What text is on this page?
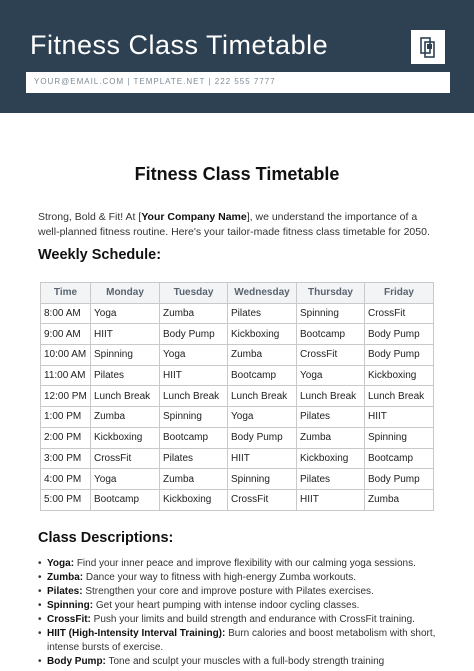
Fitness Class Timetable
YOUR@EMAIL.COM | TEMPLATE.NET | 222 555 7777
Fitness Class Timetable
Strong, Bold & Fit! At [Your Company Name], we understand the importance of a well-planned fitness routine. Here's your tailor-made fitness class timetable for 2050.
Weekly Schedule:
Time	Monday	Tuesday	Wednesday	Thursday	Friday
8:00 AM	Yoga	Zumba	Pilates	Spinning	CrossFit
9:00 AM	HIIT	Body Pump	Kickboxing	Bootcamp	Body Pump
10:00 AM	Spinning	Yoga	Zumba	CrossFit	Body Pump
11:00 AM	Pilates	HIIT	Bootcamp	Yoga	Kickboxing
12:00 PM	Lunch Break	Lunch Break	Lunch Break	Lunch Break	Lunch Break
1:00 PM	Zumba	Spinning	Yoga	Pilates	HIIT
2:00 PM	Kickboxing	Bootcamp	Body Pump	Zumba	Spinning
3:00 PM	CrossFit	Pilates	HIIT	Kickboxing	Bootcamp
4:00 PM	Yoga	Zumba	Spinning	Pilates	Body Pump
5:00 PM	Bootcamp	Kickboxing	CrossFit	HIIT	Zumba
Class Descriptions:
• Yoga: Find your inner peace and improve flexibility with our calming yoga sessions.
• Zumba: Dance your way to fitness with high-energy Zumba workouts.
• Pilates: Strengthen your core and improve posture with Pilates exercises.
• Spinning: Get your heart pumping with intense indoor cycling classes.
• CrossFit: Push your limits and build strength and endurance with CrossFit training.
• HIIT (High-Intensity Interval Training): Burn calories and boost metabolism with short, intense bursts of exercise.
• Body Pump: Tone and sculpt your muscles with a full-body strength training
